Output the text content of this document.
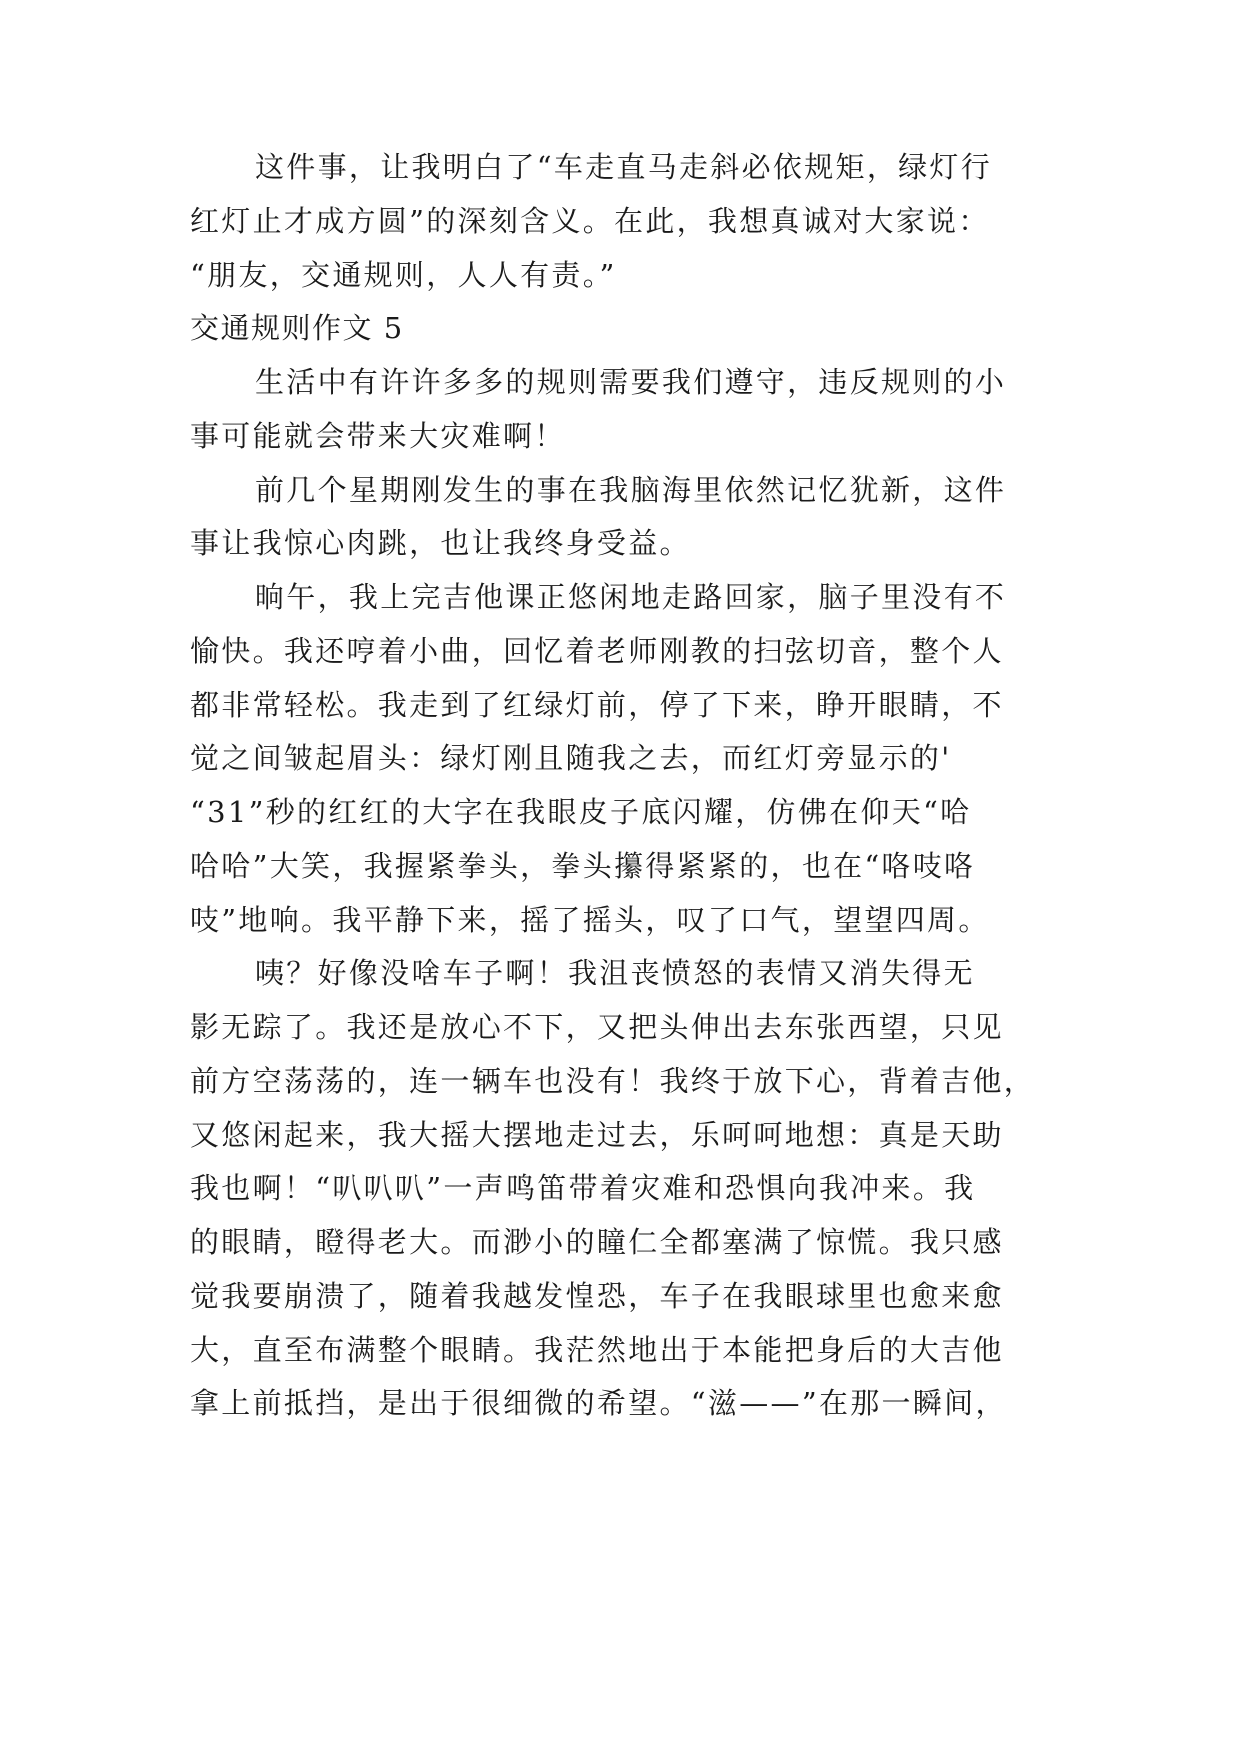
这件事，让我明白了“车走直马走斜必依规矩，绿灯行
红灯止才成方圆”的深刻含义。在此，我想真诚对大家说：
“朋友，交通规则，人人有责。”
交通规则作文 5
生活中有许许多多的规则需要我们遵守，违反规则的小
事可能就会带来大灾难啊！
前几个星期刚发生的事在我脑海里依然记忆犹新，这件
事让我惊心肉跳，也让我终身受益。
晌午，我上完吉他课正悠闲地走路回家，脑子里没有不
愉快。我还哼着小曲，回忆着老师刚教的扫弦切音，整个人
都非常轻松。我走到了红绿灯前，停了下来，睁开眼睛，不
觉之间皱起眉头：绿灯刚且随我之去，而红灯旁显示的'
“31”秒的红红的大字在我眼皮子底闪耀，仿佛在仰天“哈
哈哈”大笑，我握紧拳头，拳头攥得紧紧的，也在“咯吱咯
吱”地响。我平静下来，摇了摇头，叹了口气，望望四周。
咦？好像没啥车子啊！我沮丧愤怒的表情又消失得无
影无踪了。我还是放心不下，又把头伸出去东张西望，只见
前方空荡荡的，连一辆车也没有！我终于放下心，背着吉他，
又悠闲起来，我大摇大摆地走过去，乐呵呵地想：真是天助
我也啊！“叭叭叭”一声鸣笛带着灾难和恐惧向我冲来。我
的眼睛，瞪得老大。而渺小的瞳仁全都塞满了惊慌。我只感
觉我要崩溃了，随着我越发惶恐，车子在我眼球里也愈来愈
大，直至布满整个眼睛。我茫然地出于本能把身后的大吉他
拿上前抵挡，是出于很细微的希望。“滋——”在那一瞬间，
